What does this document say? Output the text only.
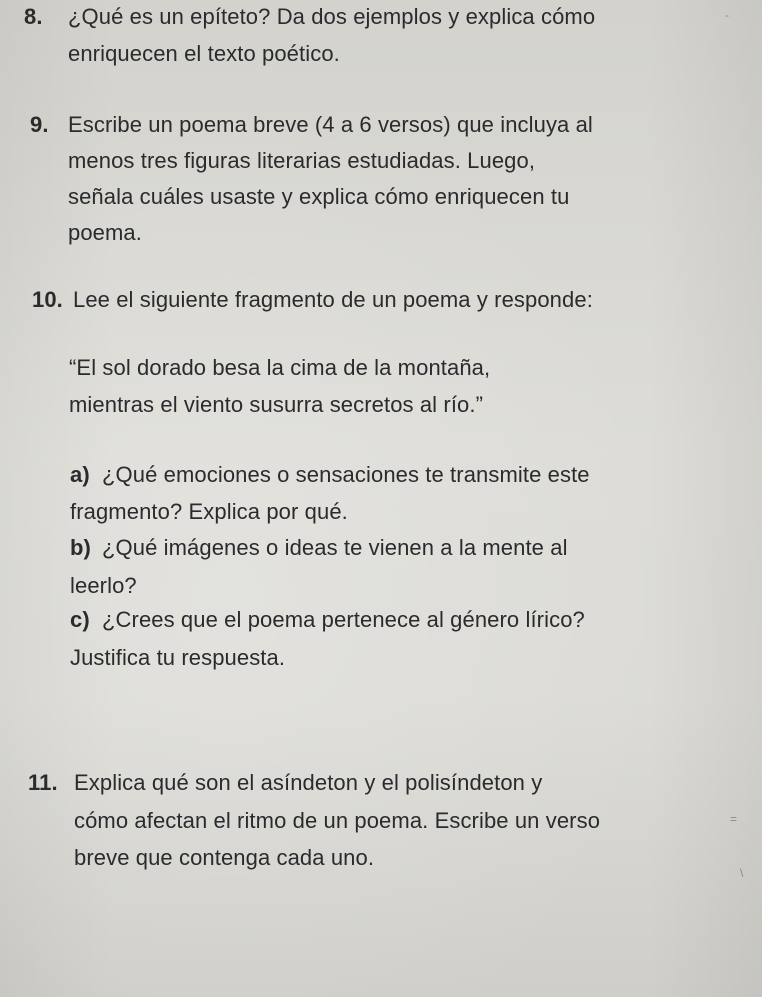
8. ¿Qué es un epíteto? Da dos ejemplos y explica cómo
enriquecen el texto poético.
9. Escribe un poema breve (4 a 6 versos) que incluya al
menos tres figuras literarias estudiadas. Luego,
señala cuáles usaste y explica cómo enriquecen tu
poema.
10. Lee el siguiente fragmento de un poema y responde:
“El sol dorado besa la cima de la montaña,
mientras el viento susurra secretos al río.”
a) ¿Qué emociones o sensaciones te transmite este
fragmento? Explica por qué.
b) ¿Qué imágenes o ideas te vienen a la mente al
leerlo?
c) ¿Crees que el poema pertenece al género lírico?
Justifica tu respuesta.
11. Explica qué son el asíndeton y el polisíndeton y
cómo afectan el ritmo de un poema. Escribe un verso
breve que contenga cada uno.
-
=
\
